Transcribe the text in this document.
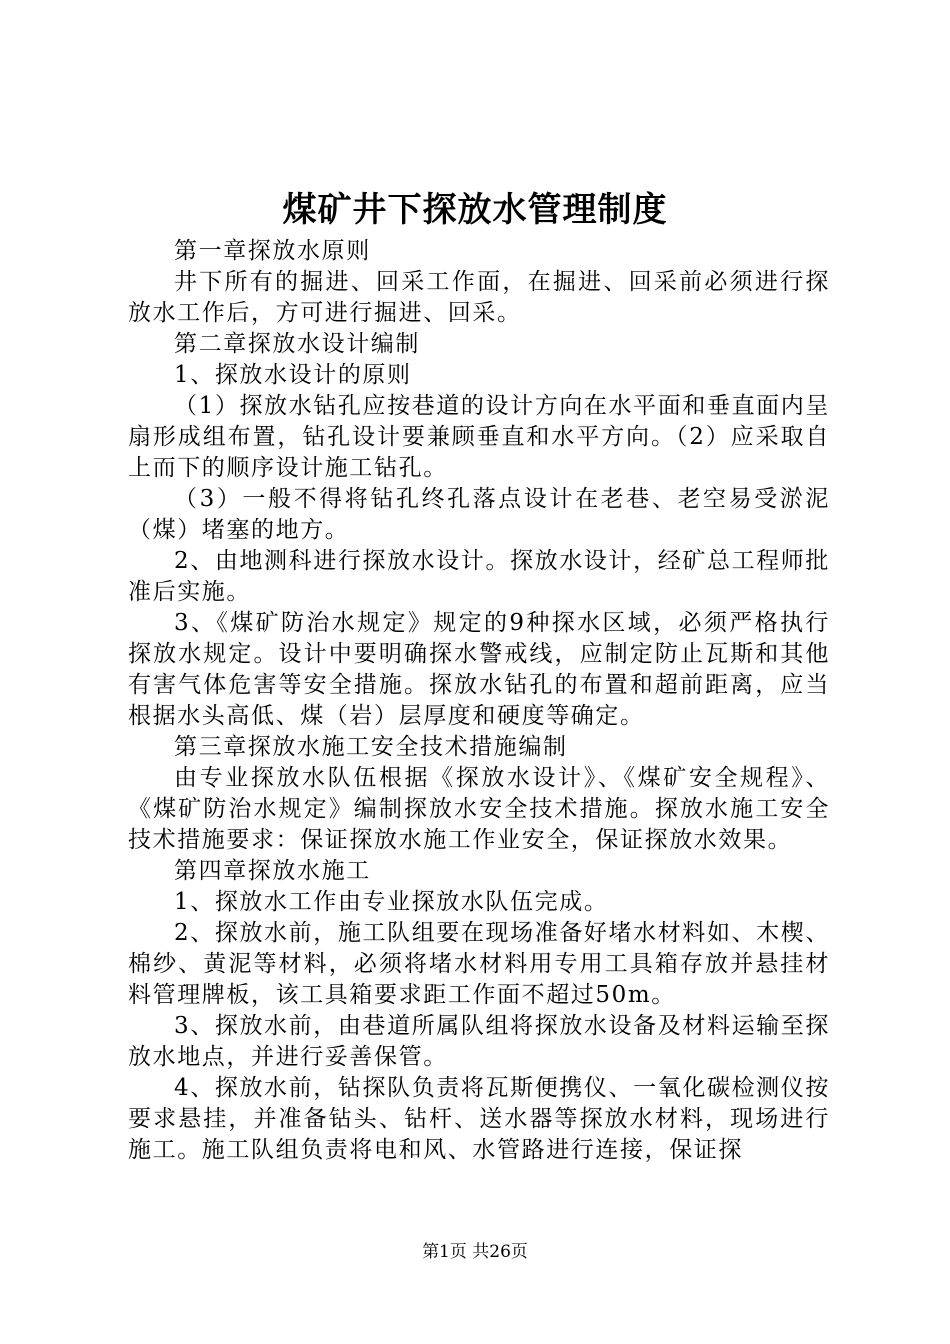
煤矿井下探放水管理制度

第一章探放水原则

井下所有的掘进、回采工作面，在掘进、回采前必须进行探放水工作后，方可进行掘进、回采。

第二章探放水设计编制

1、探放水设计的原则

（1）探放水钻孔应按巷道的设计方向在水平面和垂直面内呈扇形成组布置，钻孔设计要兼顾垂直和水平方向。（2）应采取自上而下的顺序设计施工钻孔。

（3）一般不得将钻孔终孔落点设计在老巷、老空易受淤泥（煤）堵塞的地方。

2、由地测科进行探放水设计。探放水设计，经矿总工程师批准后实施。

3、《煤矿防治水规定》规定的9种探水区域，必须严格执行探放水规定。设计中要明确探水警戒线，应制定防止瓦斯和其他有害气体危害等安全措施。探放水钻孔的布置和超前距离，应当根据水头高低、煤（岩）层厚度和硬度等确定。

第三章探放水施工安全技术措施编制

由专业探放水队伍根据《探放水设计》、《煤矿安全规程》、《煤矿防治水规定》编制探放水安全技术措施。探放水施工安全技术措施要求：保证探放水施工作业安全，保证探放水效果。

第四章探放水施工

1、探放水工作由专业探放水队伍完成。

2、探放水前，施工队组要在现场准备好堵水材料如、木楔、棉纱、黄泥等材料，必须将堵水材料用专用工具箱存放并悬挂材料管理牌板，该工具箱要求距工作面不超过50m。

3、探放水前，由巷道所属队组将探放水设备及材料运输至探放水地点，并进行妥善保管。

4、探放水前，钻探队负责将瓦斯便携仪、一氧化碳检测仪按要求悬挂，并准备钻头、钻杆、送水器等探放水材料，现场进行施工。施工队组负责将电和风、水管路进行连接，保证探

第1页 共26页
